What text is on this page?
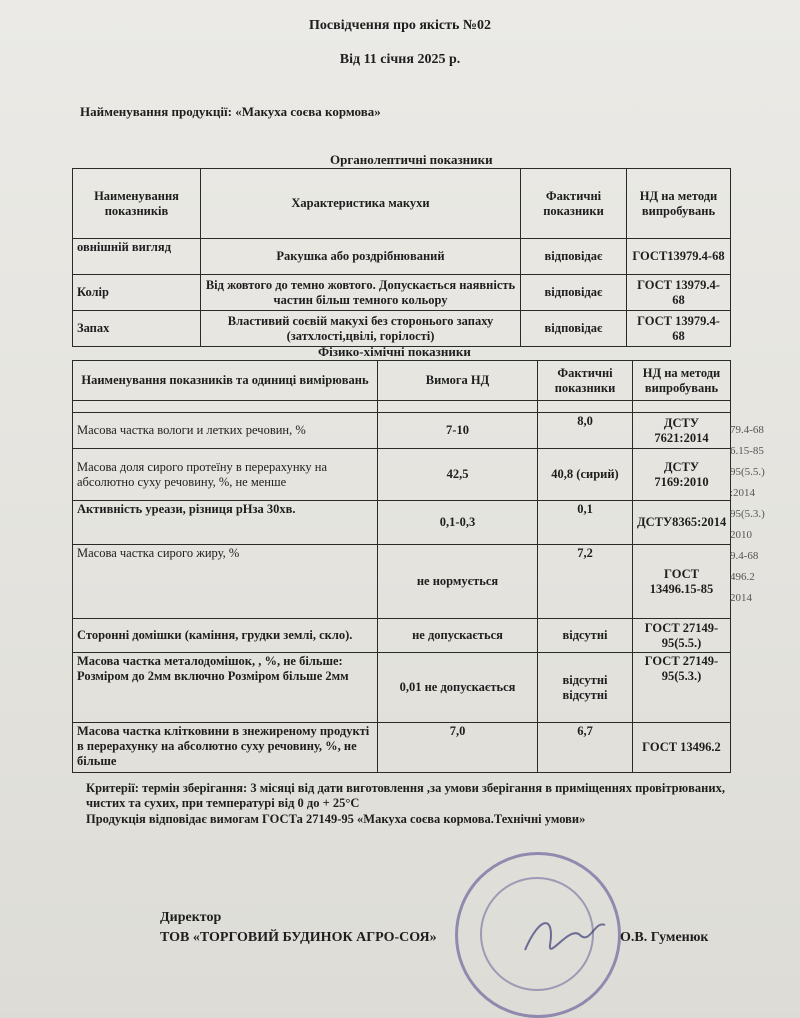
Посвідчення про якість №02
Від 11 січня 2025 р.
Найменування продукції: «Макуха соєва кормова»
Органолептичні показники
Наименування показників	Характеристика макухи	Фактичні показники	НД на методи випробувань
овнішній вигляд	Ракушка або роздрібнюваний	відповідає	ГОСТ13979.4-68
Колір	Від жовтого до темно жовтого. Допускається наявність частин більш темного кольору	відповідає	ГОСТ 13979.4-68
Запах	Властивий соєвій макухі без сторонього запаху (затхлості,цвілі, горілості)	відповідає	ГОСТ 13979.4-68
Фізико-хімічні показники
Наименування показників та одиниці вимірювань	Вимога НД	Фактичні показники	НД на методи випробувань

Масова частка вологи и летких речовин, %	7-10	8,0	ДСТУ 7621:2014
Масова доля сирого протеїну в перерахунку на абсолютно суху речовину, %, не менше	42,5	40,8 (сирий)	ДСТУ 7169:2010
Активність уреази, різниця рНза 30хв.	0,1-0,3	0,1	ДСТУ8365:2014
Масова частка сирого жиру, %	не нормується	7,2	ГОСТ 13496.15-85
Сторонні домішки (каміння, грудки землі, скло).	не допускається	відсутні	ГОСТ 27149-95(5.5.)
Масова частка металодомішок, , %, не більше: Розміром до 2мм включно Розміром більше 2мм	0,01 не допускається	відсутні відсутні	ГОСТ 27149-95(5.3.)
Масова частка клітковини в знежиреному продукті в перерахунку на абсолютно суху речовину, %, не більше	7,0	6,7	ГОСТ 13496.2
Критерії: термін зберігання: 3 місяці від дати виготовлення ,за умови зберігання в приміщеннях провітрюваних, чистих та сухих, при температурі від 0 до + 25°С
Продукція відповідає вимогам ГОСТа 27149-95 «Макуха соєва кормова.Технічні умови»
79.4-68
6.15-85
95(5.5.)
:2014
95(5.3.)
2010
9.4-68
496.2
2014
Директор
ТОВ «ТОРГОВИЙ БУДИНОК АГРО-СОЯ»	О.В. Гуменюк
